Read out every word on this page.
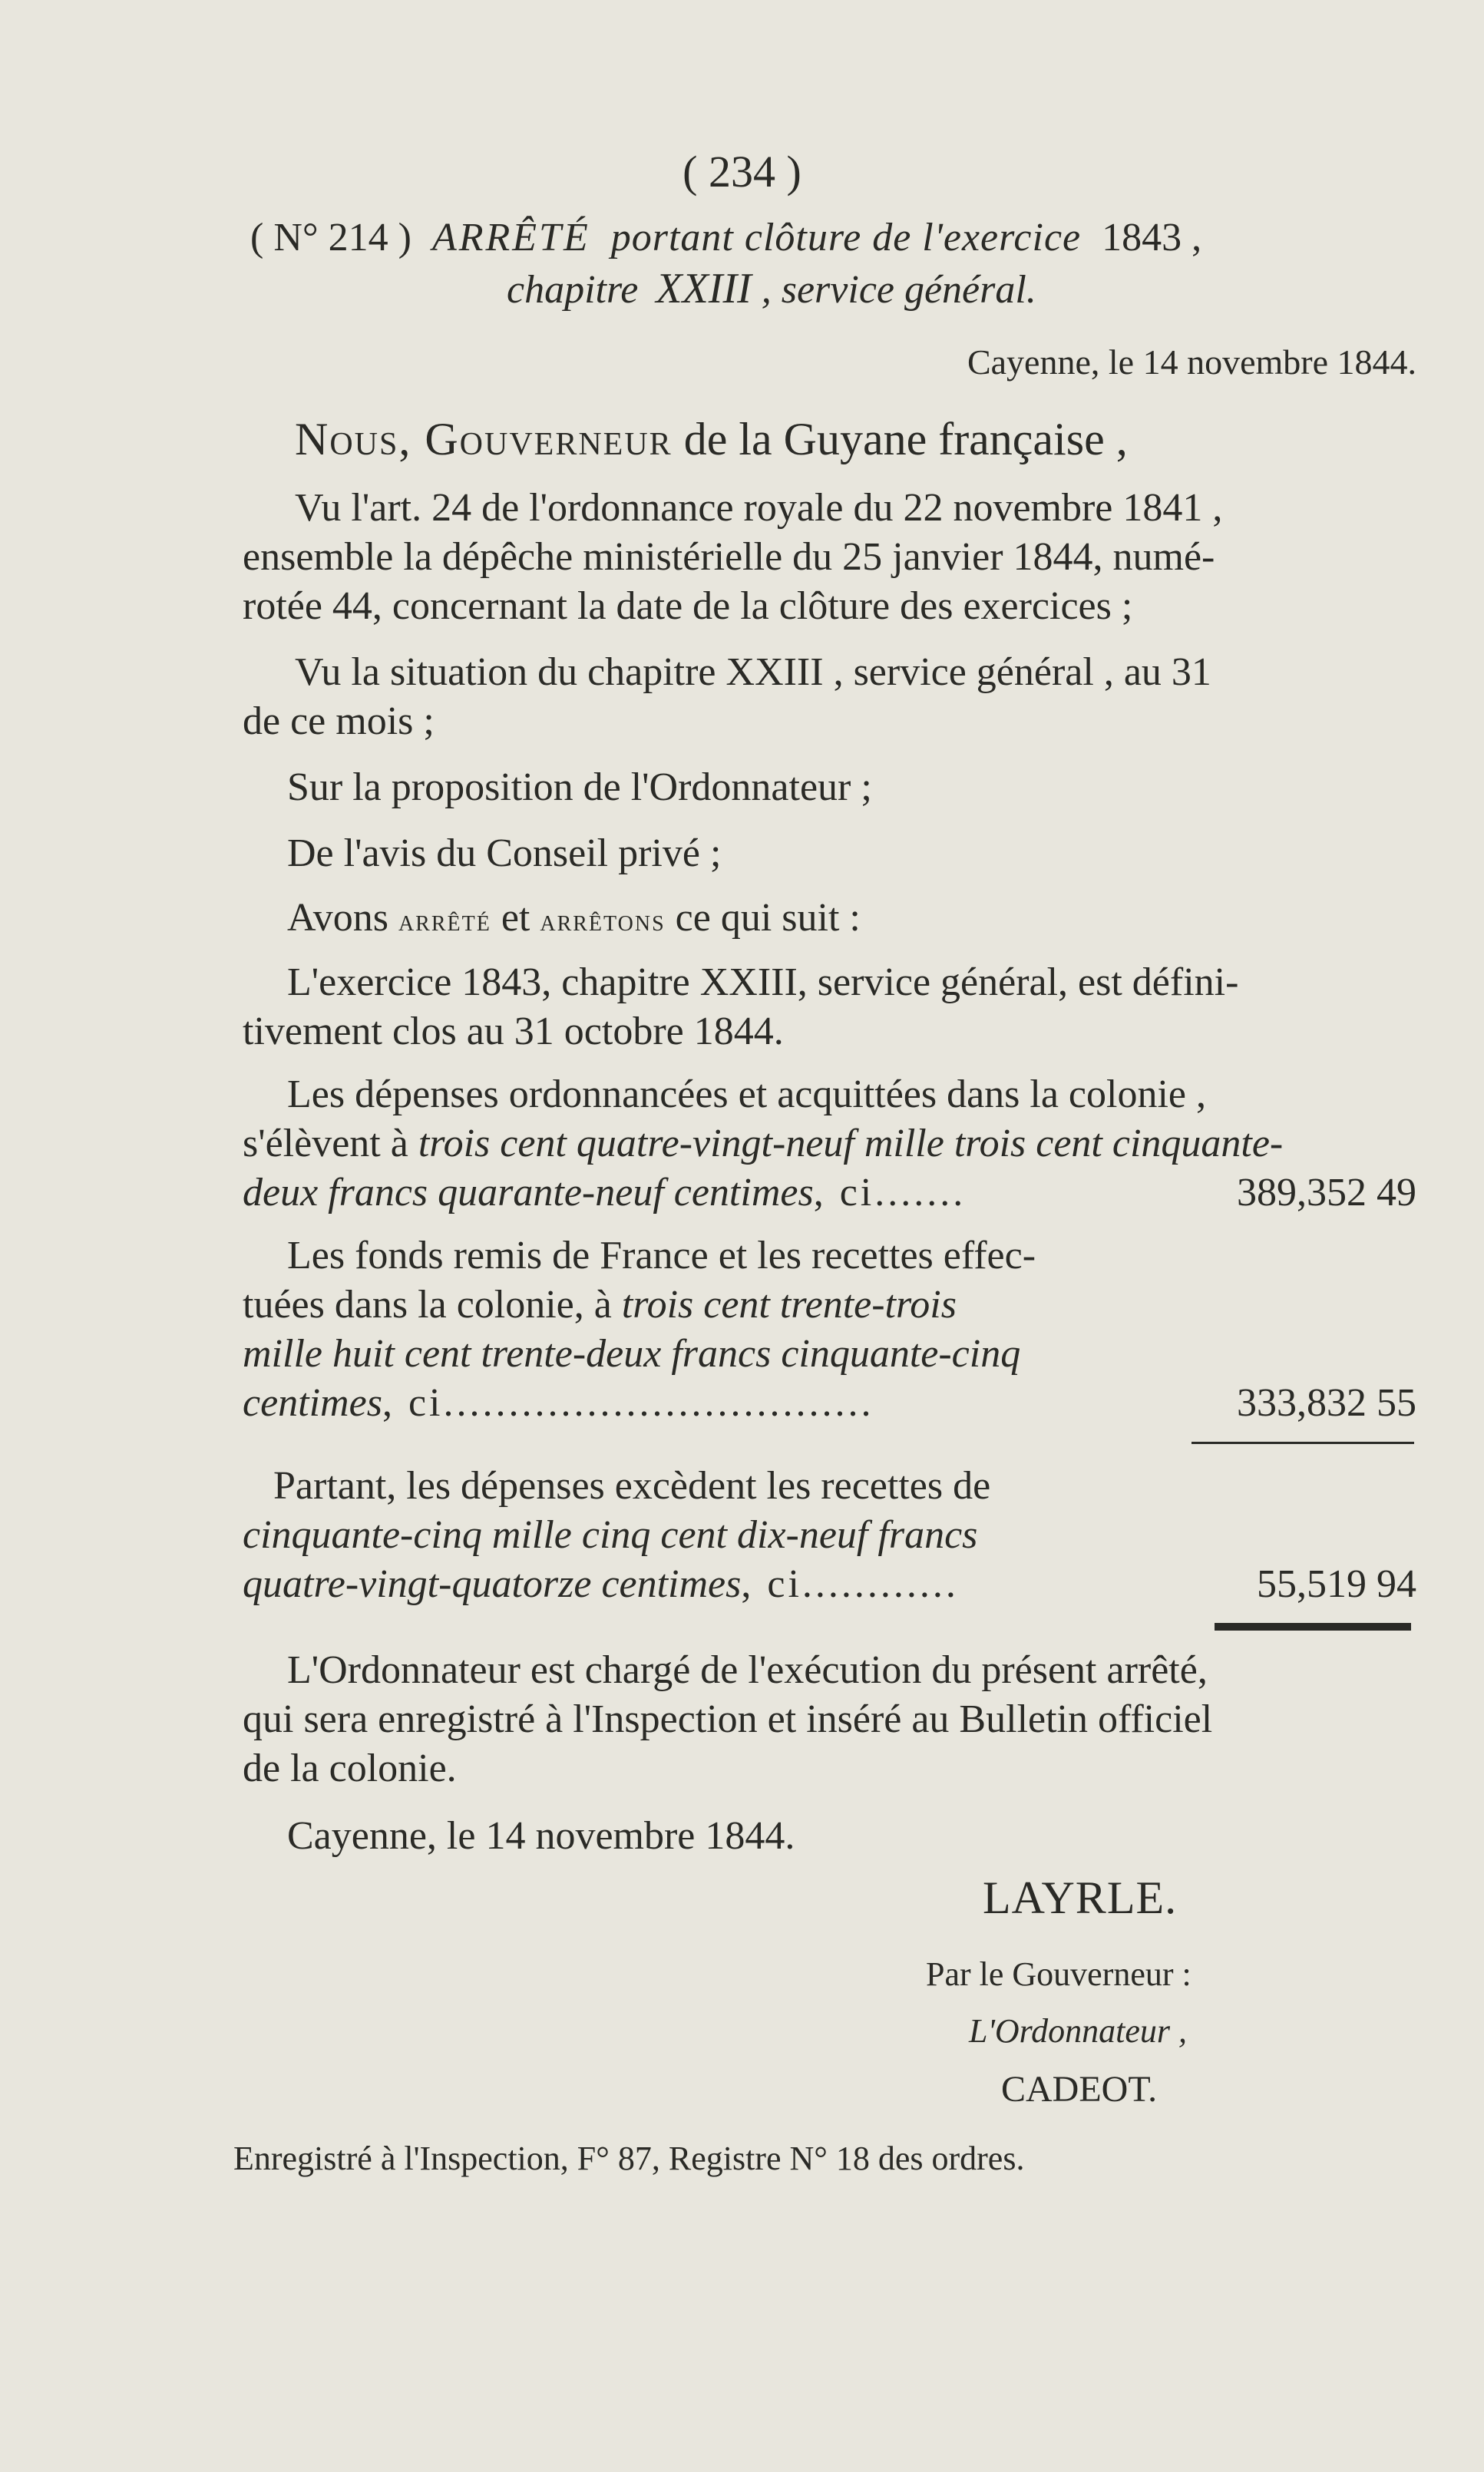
( 234 )
( N° 214 ) ARRÊTÉ portant clôture de l'exercice 1843 ,
chapitre XXIII , service général.
Cayenne, le 14 novembre 1844.
Nous, Gouverneur de la Guyane française ,
Vu l'art. 24 de l'ordonnance royale du 22 novembre 1841 ,
ensemble la dépêche ministérielle du 25 janvier 1844, numé-
rotée 44, concernant la date de la clôture des exercices ;
Vu la situation du chapitre XXIII , service général , au 31
de ce mois ;
Sur la proposition de l'Ordonnateur ;
De l'avis du Conseil privé ;
Avons arrêté et arrêtons ce qui suit :
L'exercice 1843, chapitre XXIII, service général, est défini-
tivement clos au 31 octobre 1844.
Les dépenses ordonnancées et acquittées dans la colonie ,
s'élèvent à trois cent quatre-vingt-neuf mille trois cent cinquante-
deux francs quarante-neuf centimes, ci.......	389,352 49
Les fonds remis de France et les recettes effec-
tuées dans la colonie, à trois cent trente-trois
mille huit cent trente-deux francs cinquante-cinq
centimes, ci.................................	333,832 55
Partant, les dépenses excèdent les recettes de
cinquante-cinq mille cinq cent dix-neuf francs
quatre-vingt-quatorze centimes, ci............	55,519 94
L'Ordonnateur est chargé de l'exécution du présent arrêté,
qui sera enregistré à l'Inspection et inséré au Bulletin officiel
de la colonie.
Cayenne, le 14 novembre 1844.
LAYRLE.
Par le Gouverneur :
L'Ordonnateur ,
CADEOT.
Enregistré à l'Inspection, F° 87, Registre N° 18 des ordres.
